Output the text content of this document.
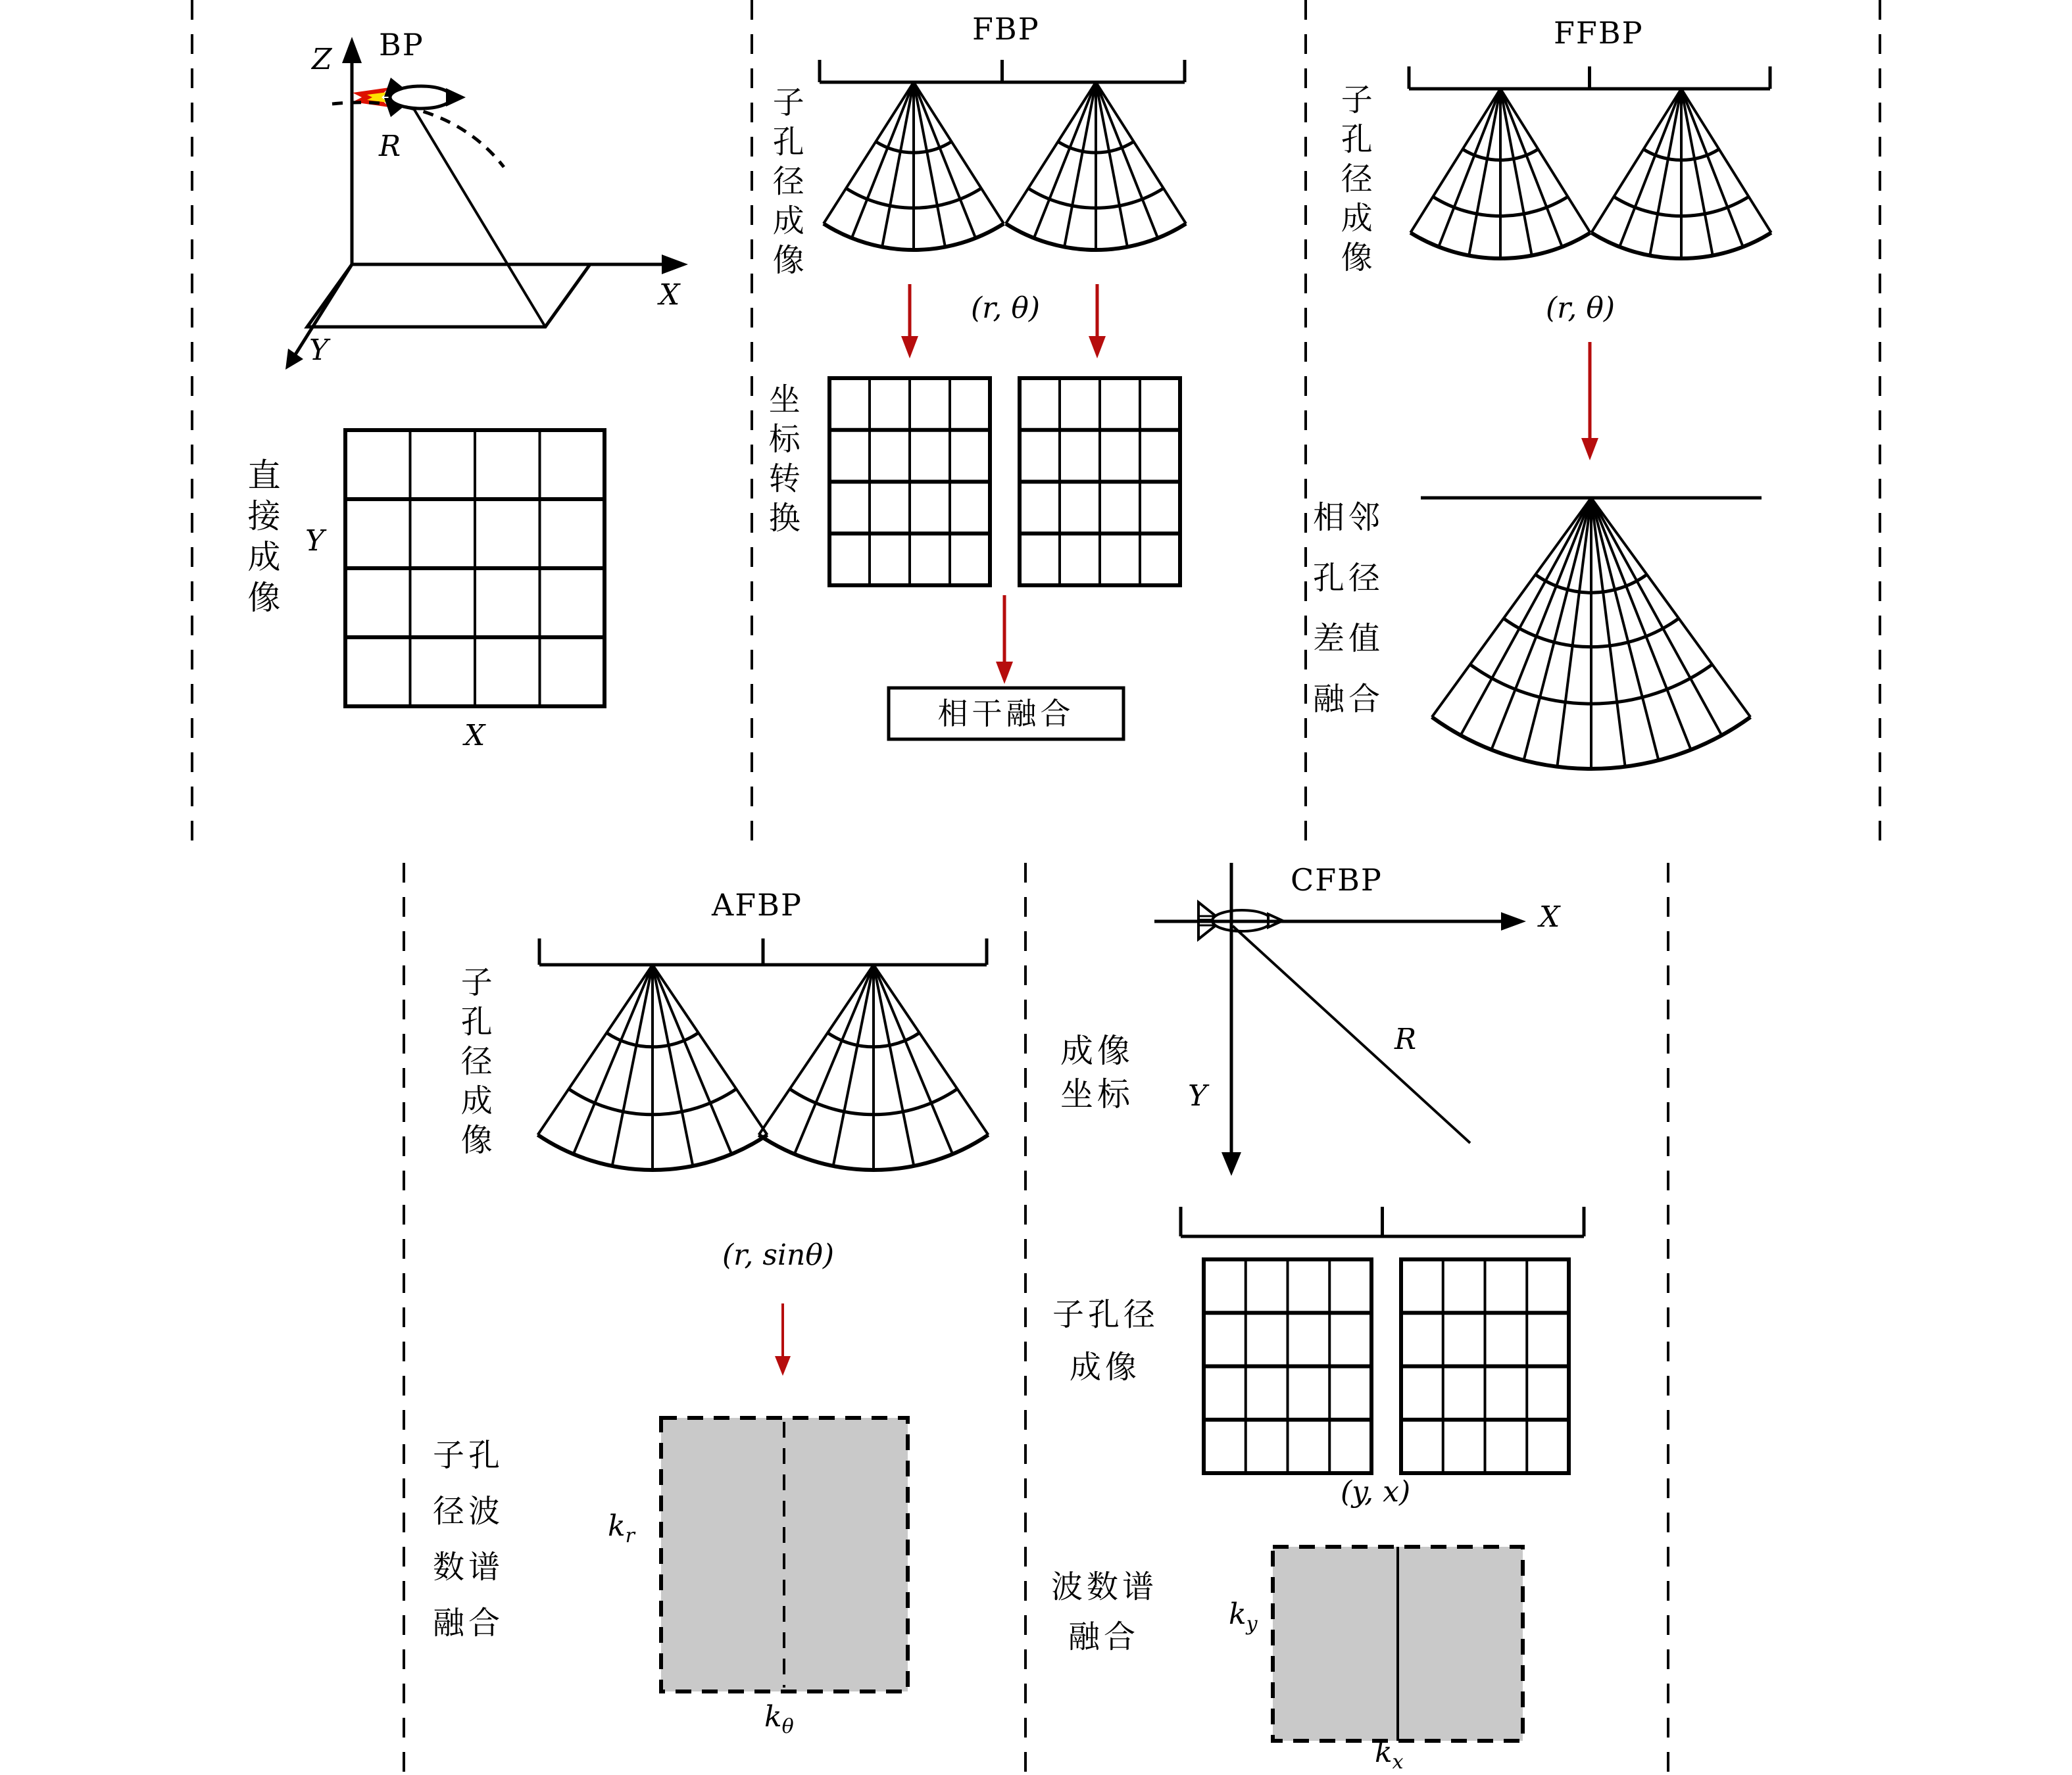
BP
Z
X
Y
R
直接成像 Y
X
FBP
子孔径成像
(r, θ)
坐标转换
相干融合
FFBP
子孔径成像
(r, θ)
相邻
孔径
差值
融合
AFBP
子孔径成像
(r, sinθ)
子孔
径波
数谱
融合
$k_r$
$k_\theta$
CFBP
X
Y
R
成像
坐标
子孔径
成像
(y, x)
波数谱
融合
$k_y$
$k_x$
